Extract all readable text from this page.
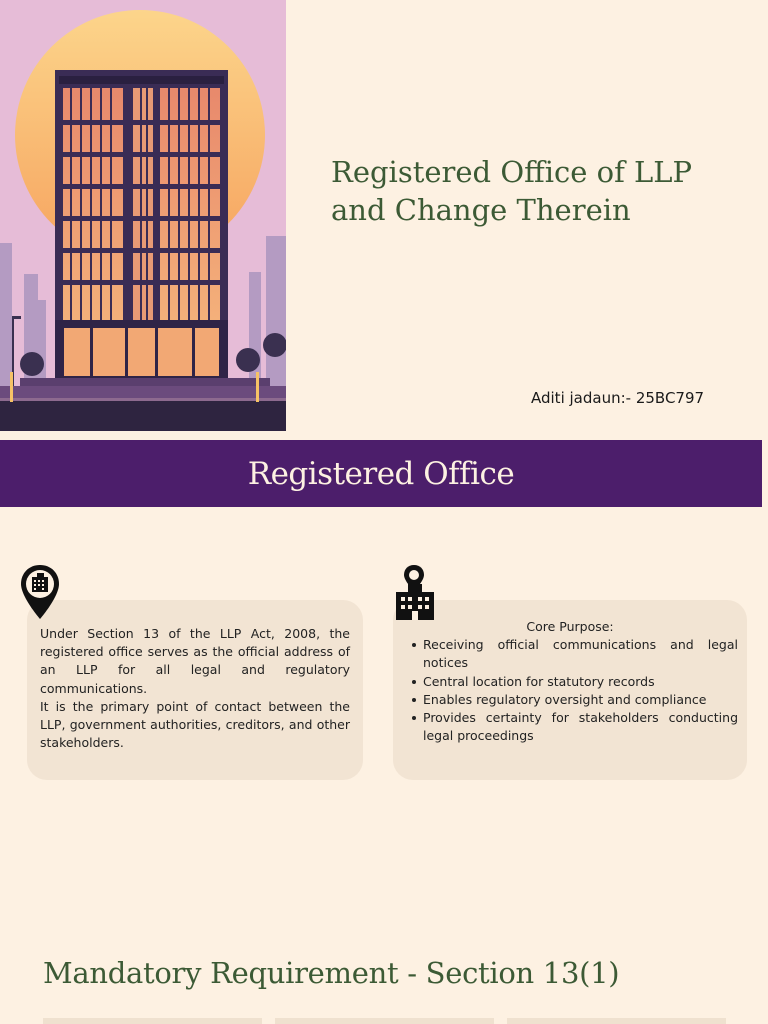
Registered Office of LLP
and Change Therein
Aditi jadaun:- 25BC797
Registered Office

Under Section 13 of the LLP Act, 2008, the registered office serves as the official address of an LLP for all legal and regulatory communications.

It is the primary point of contact between the LLP, government authorities, creditors, and other stakeholders.

Core Purpose:
Receiving official communications and legal notices
Central location for statutory records
Enables regulatory oversight and compliance
Provides certainty for stakeholders conducting legal proceedings
Mandatory Requirement - Section 13(1)
